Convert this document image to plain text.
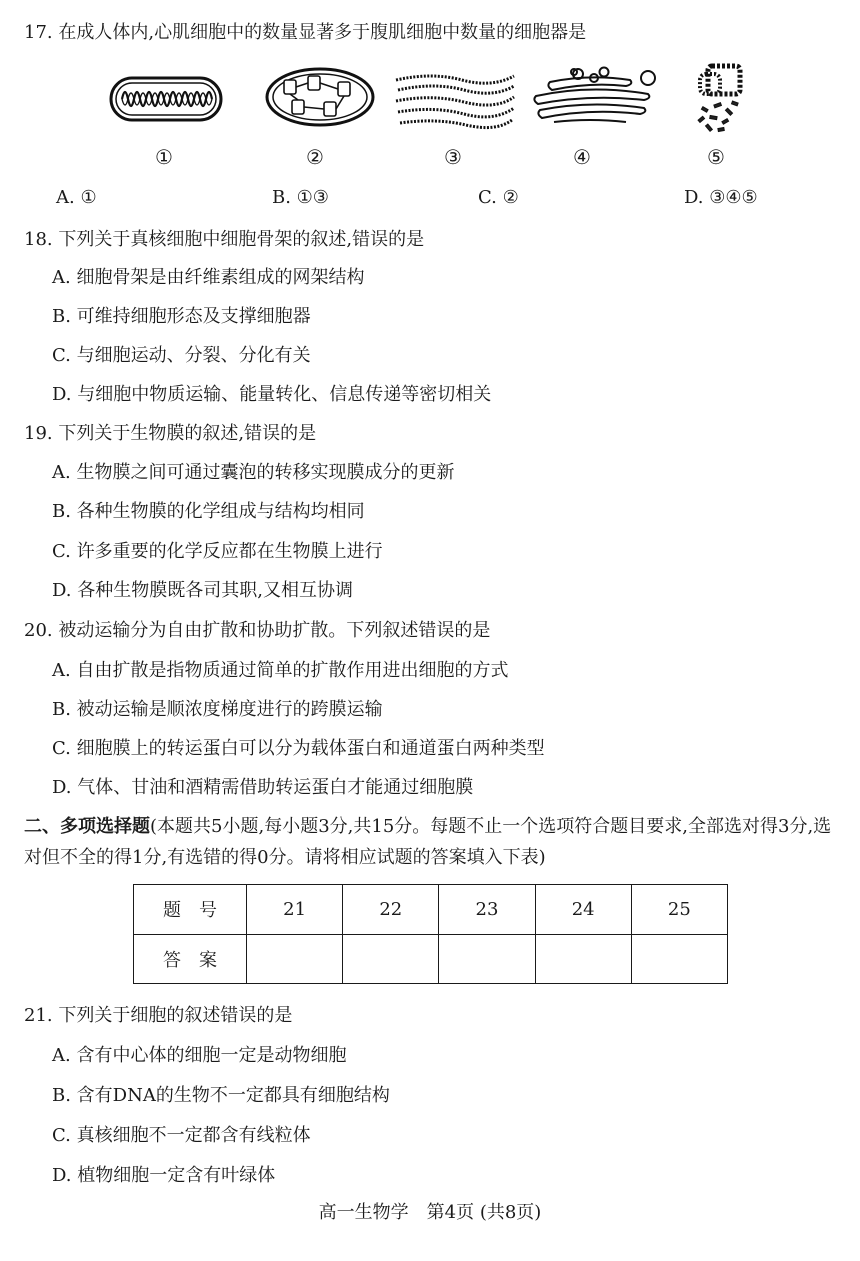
17. 在成人体内,心肌细胞中的数量显著多于腹肌细胞中数量的细胞器是
①	②	③	④	⑤
A. ①	B. ①③	C. ②	D. ③④⑤
18. 下列关于真核细胞中细胞骨架的叙述,错误的是
A. 细胞骨架是由纤维素组成的网架结构
B. 可维持细胞形态及支撑细胞器
C. 与细胞运动、分裂、分化有关
D. 与细胞中物质运输、能量转化、信息传递等密切相关
19. 下列关于生物膜的叙述,错误的是
A. 生物膜之间可通过囊泡的转移实现膜成分的更新
B. 各种生物膜的化学组成与结构均相同
C. 许多重要的化学反应都在生物膜上进行
D. 各种生物膜既各司其职,又相互协调
20. 被动运输分为自由扩散和协助扩散。下列叙述错误的是
A. 自由扩散是指物质通过简单的扩散作用进出细胞的方式
B. 被动运输是顺浓度梯度进行的跨膜运输
C. 细胞膜上的转运蛋白可以分为载体蛋白和通道蛋白两种类型
D. 气体、甘油和酒精需借助转运蛋白才能通过细胞膜
二、多项选择题(本题共5小题,每小题3分,共15分。每题不止一个选项符合题目要求,全部选对得3分,选对但不全的得1分,有选错的得0分。请将相应试题的答案填入下表)
题　号	21	22	23	24	25
答　案					
21. 下列关于细胞的叙述错误的是
A. 含有中心体的细胞一定是动物细胞
B. 含有DNA的生物不一定都具有细胞结构
C. 真核细胞不一定都含有线粒体
D. 植物细胞一定含有叶绿体
高一生物学　第4页 (共8页)
